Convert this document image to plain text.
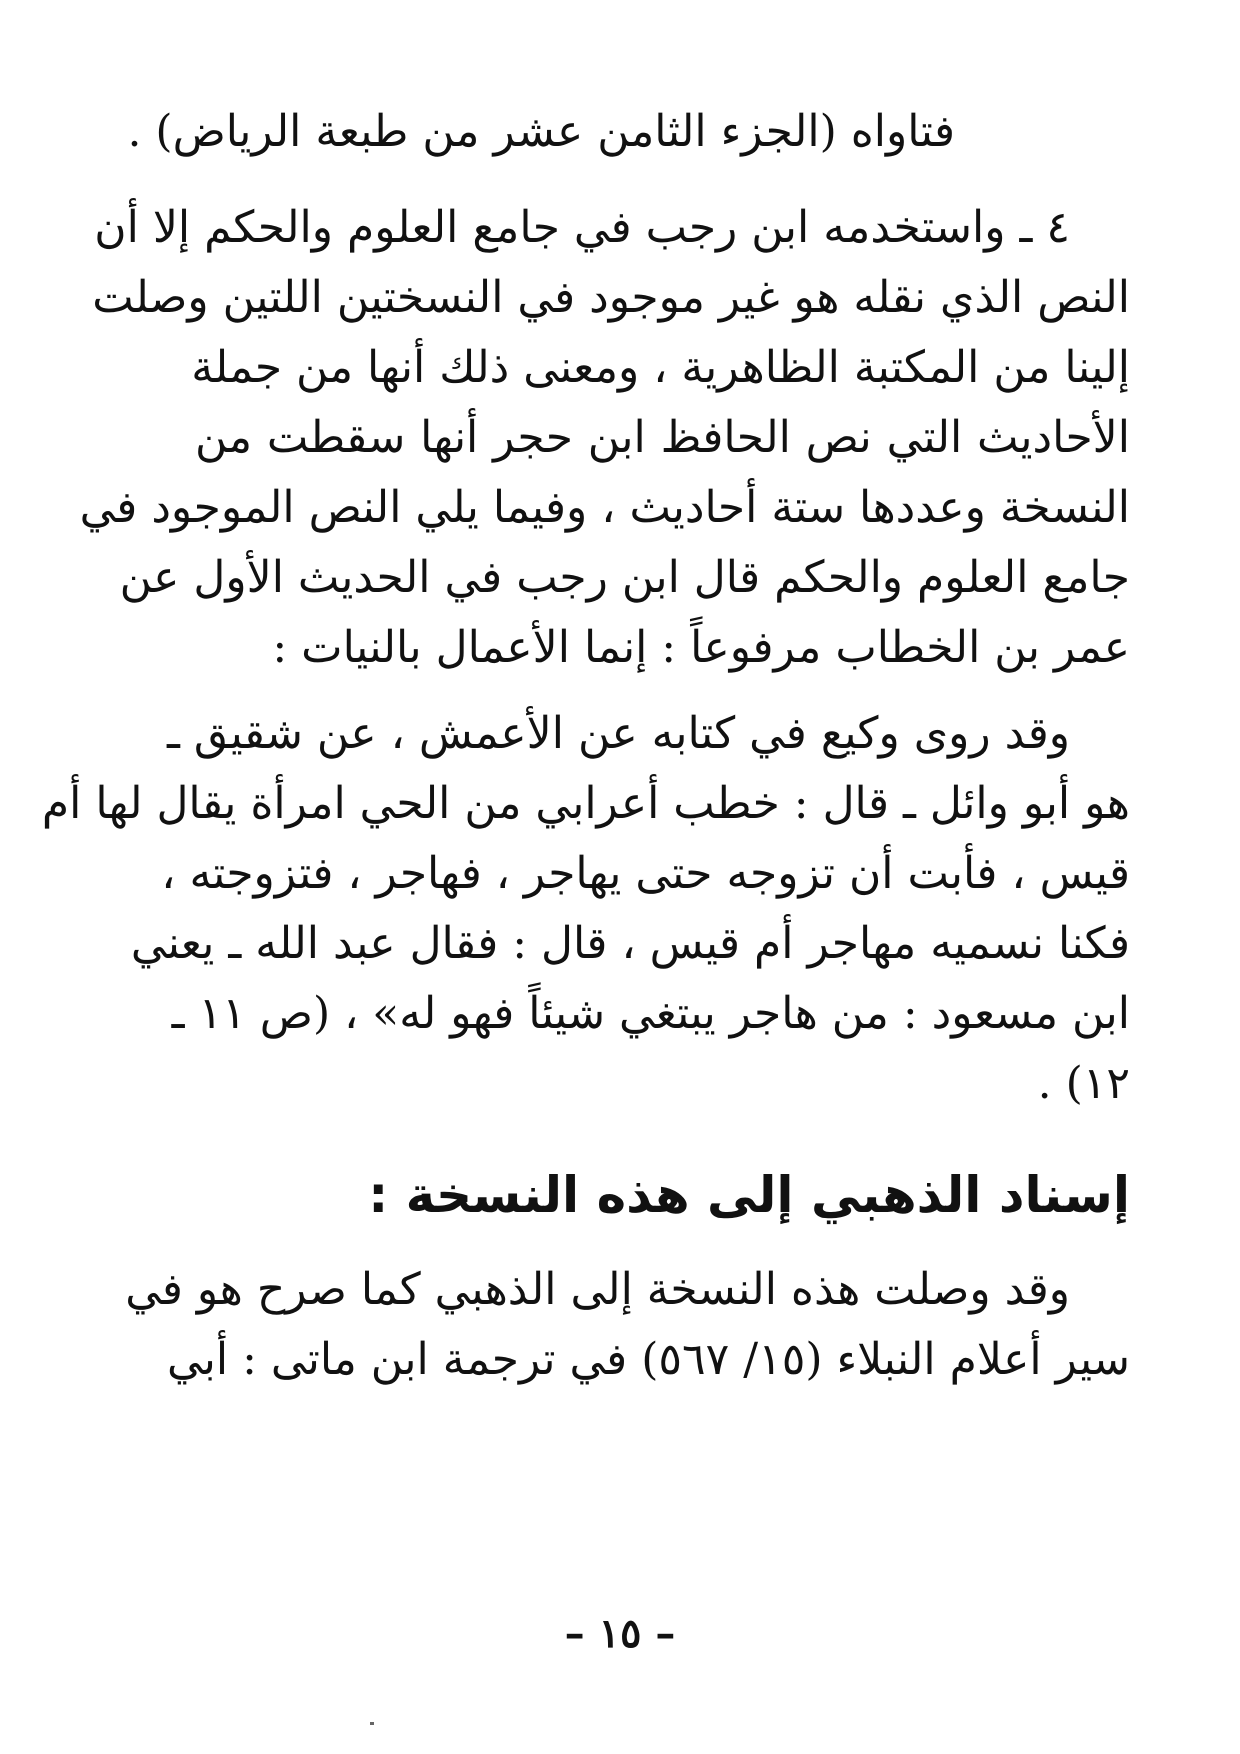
فتاواه (الجزء الثامن عشر من طبعة الرياض) .
٤ ـ واستخدمه ابن رجب في جامع العلوم والحكم إلا أن
النص الذي نقله هو غير موجود في النسختين اللتين وصلت
إلينا من المكتبة الظاهرية ، ومعنى ذلك أنها من جملة
الأحاديث التي نص الحافظ ابن حجر أنها سقطت من
النسخة وعددها ستة أحاديث ، وفيما يلي النص الموجود في
جامع العلوم والحكم قال ابن رجب في الحديث الأول عن
عمر بن الخطاب مرفوعاً : إنما الأعمال بالنيات :
وقد روى وكيع في كتابه عن الأعمش ، عن شقيق ـ
هو أبو وائل ـ قال : خطب أعرابي من الحي امرأة يقال لها أم
قيس ، فأبت أن تزوجه حتى يهاجر ، فهاجر ، فتزوجته ،
فكنا نسميه مهاجر أم قيس ، قال : فقال عبد الله ـ يعني
ابن مسعود : من هاجر يبتغي شيئاً فهو له» ، (ص ١١ ـ
١٢) .
إسناد الذهبي إلى هذه النسخة :
وقد وصلت هذه النسخة إلى الذهبي كما صرح هو في
سير أعلام النبلاء (١٥/ ٥٦٧) في ترجمة ابن ماتى : أبي
– ١٥ –
